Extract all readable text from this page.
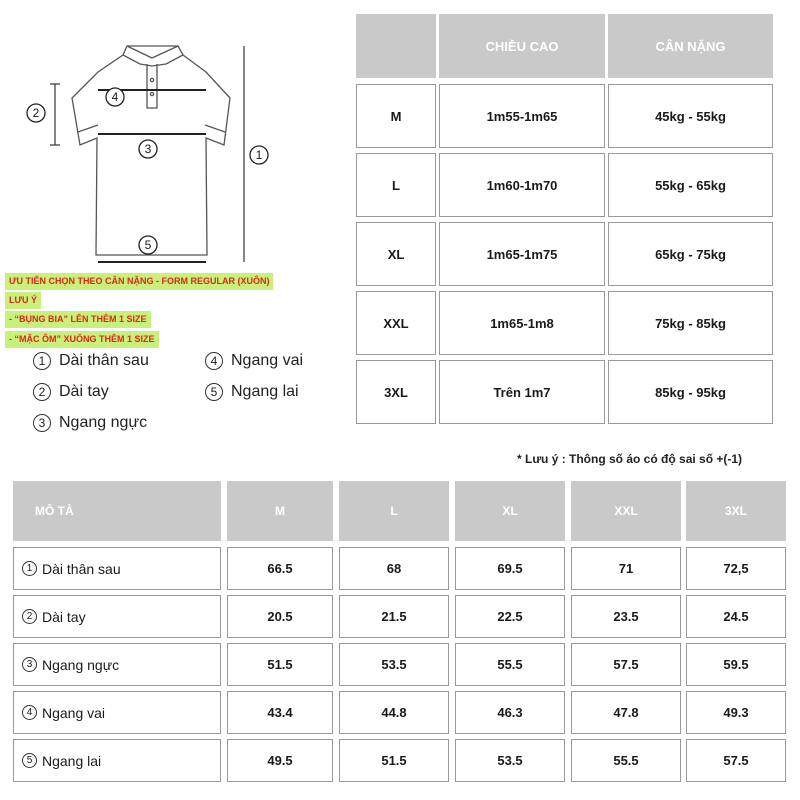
1
2
3
4
5
ƯU TIÊN CHỌN THEO CÂN NẶNG - FORM REGULAR (XUÔN)
LƯU Ý
- “BỤNG BIA” LÊN THÊM 1 SIZE
- “MẶC ÔM” XUỐNG THÊM 1 SIZE
1 Dài thân sau
2 Dài tay
3 Ngang ngực
4 Ngang vai
5 Ngang lai
CHIỀU CAO	CÂN NẶNG
M	1m55-1m65	45kg - 55kg
L	1m60-1m70	55kg - 65kg
XL	1m65-1m75	65kg - 75kg
XXL	1m65-1m8	75kg - 85kg
3XL	Trên 1m7	85kg - 95kg
* Lưu ý : Thông số áo có độ sai số +(-1)
MÔ TẢ	M	L	XL	XXL	3XL
1 Dài thân sau	66.5	68	69.5	71	72,5
2 Dài tay	20.5	21.5	22.5	23.5	24.5
3 Ngang ngực	51.5	53.5	55.5	57.5	59.5
4 Ngang vai	43.4	44.8	46.3	47.8	49.3
5 Ngang lai	49.5	51.5	53.5	55.5	57.5
